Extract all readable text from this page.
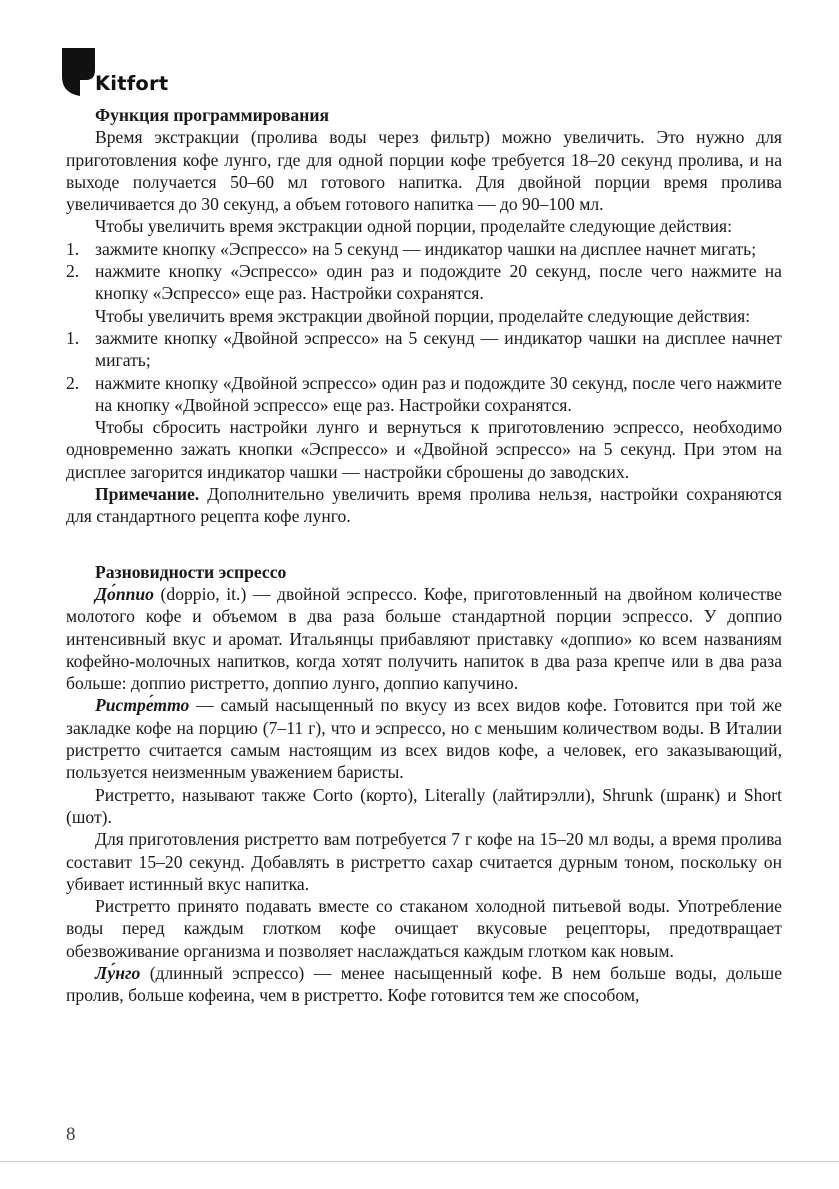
Kitfort

Функция программирования

Время экстракции (пролива воды через фильтр) можно увеличить. Это нужно для приготовления кофе лунго, где для одной порции кофе требуется 18–20 секунд пролива, и на выходе получается 50–60 мл готового напитка. Для двойной порции время пролива увеличивается до 30 секунд, а объем готового напитка — до 90–100 мл.

Чтобы увеличить время экстракции одной порции, проделайте следующие действия:

1. зажмите кнопку «Эспрессо» на 5 секунд — индикатор чашки на дисплее начнет мигать;
2. нажмите кнопку «Эспрессо» один раз и подождите 20 секунд, после чего нажмите на кнопку «Эспрессо» еще раз. Настройки сохранятся.

Чтобы увеличить время экстракции двойной порции, проделайте следующие действия:

1. зажмите кнопку «Двойной эспрессо» на 5 секунд — индикатор чашки на дисплее начнет мигать;
2. нажмите кнопку «Двойной эспрессо» один раз и подождите 30 секунд, после чего нажмите на кнопку «Двойной эспрессо» еще раз. Настройки сохранятся.

Чтобы сбросить настройки лунго и вернуться к приготовлению эспрессо, необходимо одновременно зажать кнопки «Эспрессо» и «Двойной эспрессо» на 5 секунд. При этом на дисплее загорится индикатор чашки — настройки сброшены до заводских.

Примечание. Дополнительно увеличить время пролива нельзя, настройки сохраняются для стандартного рецепта кофе лунго.

Разновидности эспрессо

До́ппио (doppio, it.) — двойной эспрессо. Кофе, приготовленный на двойном количестве молотого кофе и объемом в два раза больше стандартной порции эспрессо. У доппио интенсивный вкус и аромат. Итальянцы прибавляют приставку «доппио» ко всем названиям кофейно-молочных напитков, когда хотят получить напиток в два раза крепче или в два раза больше: доппио ристретто, доппио лунго, доппио капучино.

Ристре́тто — самый насыщенный по вкусу из всех видов кофе. Готовится при той же закладке кофе на порцию (7–11 г), что и эспрессо, но с меньшим количеством воды. В Италии ристретто считается самым настоящим из всех видов кофе, а человек, его заказывающий, пользуется неизменным уважением баристы.

Ристретто, называют также Corto (корто), Literally (лайтирэлли), Shrunk (шранк) и Short (шот).

Для приготовления ристретто вам потребуется 7 г кофе на 15–20 мл воды, а время пролива составит 15–20 секунд. Добавлять в ристретто сахар считается дурным тоном, поскольку он убивает истинный вкус напитка.

Ристретто принято подавать вместе со стаканом холодной питьевой воды. Употребление воды перед каждым глотком кофе очищает вкусовые рецепторы, предотвращает обезвоживание организма и позволяет наслаждаться каждым глотком как новым.

Лу́нго (длинный эспрессо) — менее насыщенный кофе. В нем больше воды, дольше пролив, больше кофеина, чем в ристретто. Кофе готовится тем же способом,

8
